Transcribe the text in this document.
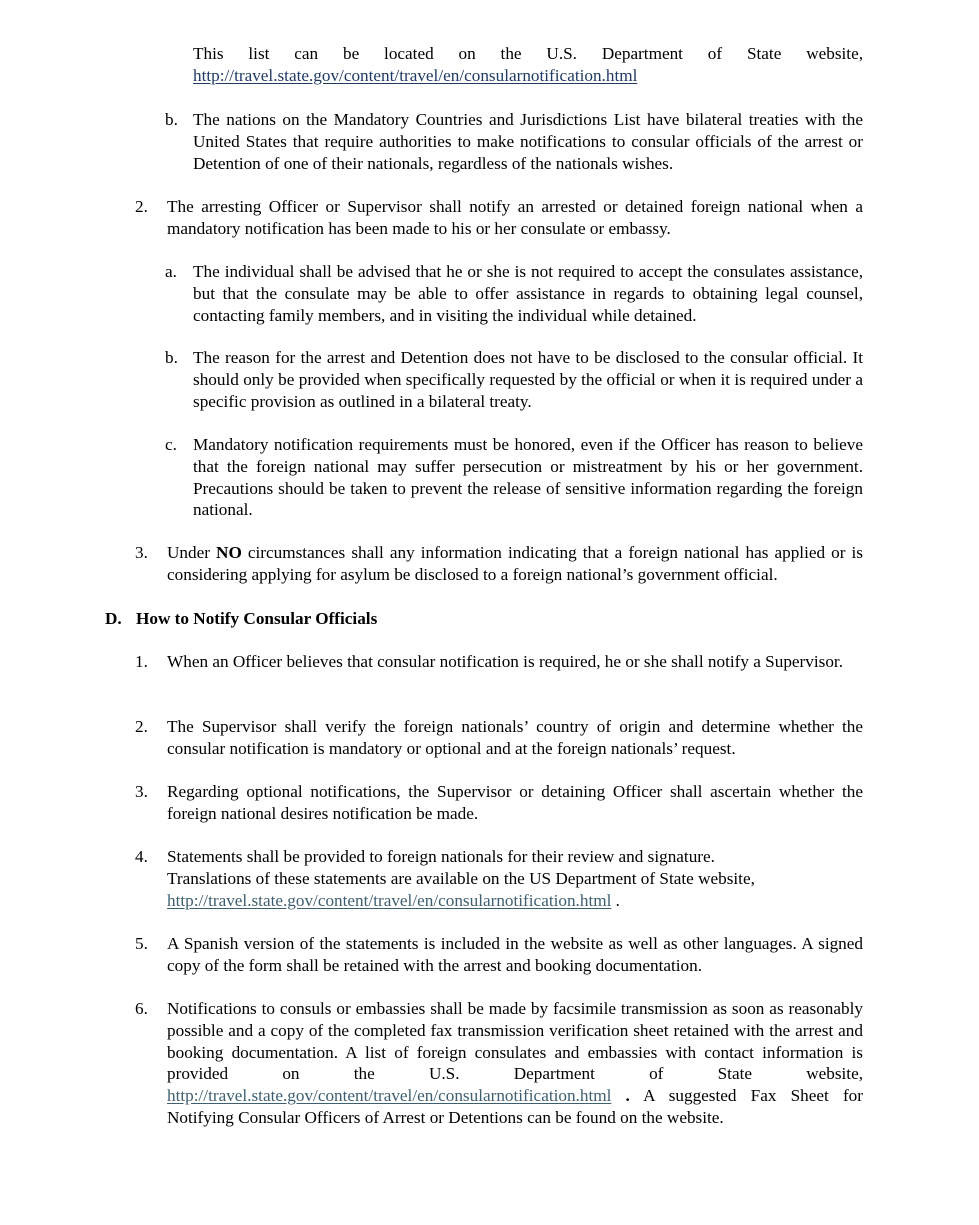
This list can be located on the U.S. Department of State website,
http://travel.state.gov/content/travel/en/consularnotification.html
b. The nations on the Mandatory Countries and Jurisdictions List have bilateral treaties with the United States that require authorities to make notifications to consular officials of the arrest or Detention of one of their nationals, regardless of the nationals wishes.
2. The arresting Officer or Supervisor shall notify an arrested or detained foreign national when a mandatory notification has been made to his or her consulate or embassy.
a. The individual shall be advised that he or she is not required to accept the consulates assistance, but that the consulate may be able to offer assistance in regards to obtaining legal counsel, contacting family members, and in visiting the individual while detained.
b. The reason for the arrest and Detention does not have to be disclosed to the consular official. It should only be provided when specifically requested by the official or when it is required under a specific provision as outlined in a bilateral treaty.
c. Mandatory notification requirements must be honored, even if the Officer has reason to believe that the foreign national may suffer persecution or mistreatment by his or her government. Precautions should be taken to prevent the release of sensitive information regarding the foreign national.
3. Under NO circumstances shall any information indicating that a foreign national has applied or is considering applying for asylum be disclosed to a foreign national’s government official.
D. How to Notify Consular Officials
1. When an Officer believes that consular notification is required, he or she shall notify a Supervisor.
2. The Supervisor shall verify the foreign nationals’ country of origin and determine whether the consular notification is mandatory or optional and at the foreign nationals’ request.
3. Regarding optional notifications, the Supervisor or detaining Officer shall ascertain whether the foreign national desires notification be made.
4. Statements shall be provided to foreign nationals for their review and signature.
Translations of these statements are available on the US Department of State website,
http://travel.state.gov/content/travel/en/consularnotification.html .
5. A Spanish version of the statements is included in the website as well as other languages. A signed copy of the form shall be retained with the arrest and booking documentation.
6. Notifications to consuls or embassies shall be made by facsimile transmission as soon as reasonably possible and a copy of the completed fax transmission verification sheet retained with the arrest and booking documentation. A list of foreign consulates and embassies with contact information is provided on the U.S. Department of State website, http://travel.state.gov/content/travel/en/consularnotification.html . A suggested Fax Sheet for Notifying Consular Officers of Arrest or Detentions can be found on the website.
